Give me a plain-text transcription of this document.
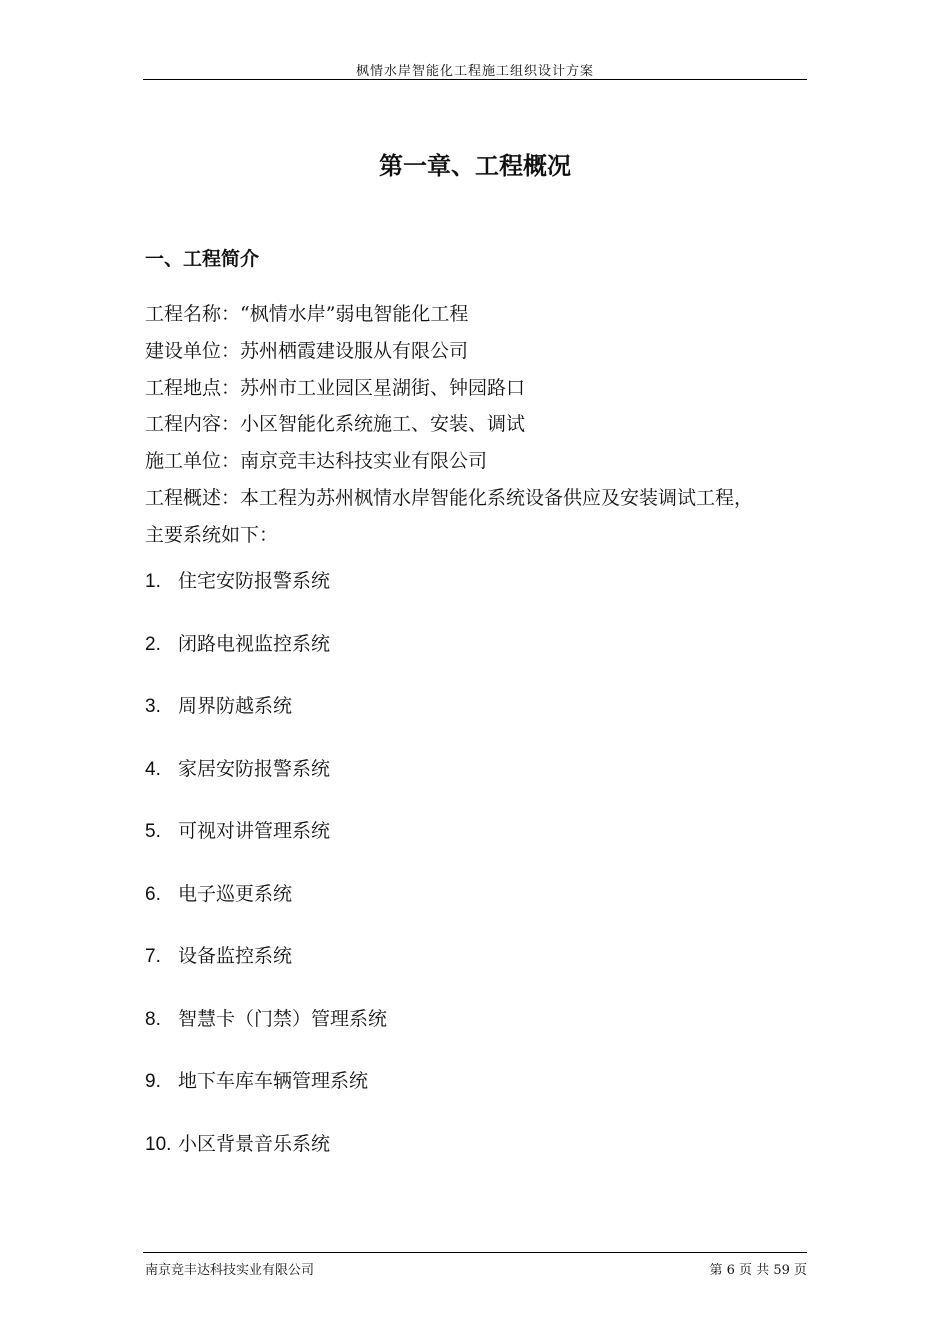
枫情水岸智能化工程施工组织设计方案
第一章、工程概况
一、工程简介
工程名称：“枫情水岸”弱电智能化工程
建设单位：苏州栖霞建设服从有限公司
工程地点：苏州市工业园区星湖街、钟园路口
工程内容：小区智能化系统施工、安装、调试
施工单位：南京竞丰达科技实业有限公司
工程概述：本工程为苏州枫情水岸智能化系统设备供应及安装调试工程，
主要系统如下：
1. 住宅安防报警系统
2. 闭路电视监控系统
3. 周界防越系统
4. 家居安防报警系统
5. 可视对讲管理系统
6. 电子巡更系统
7. 设备监控系统
8. 智慧卡（门禁）管理系统
9. 地下车库车辆管理系统
10. 小区背景音乐系统
南京竞丰达科技实业有限公司	第 6 页 共 59 页
